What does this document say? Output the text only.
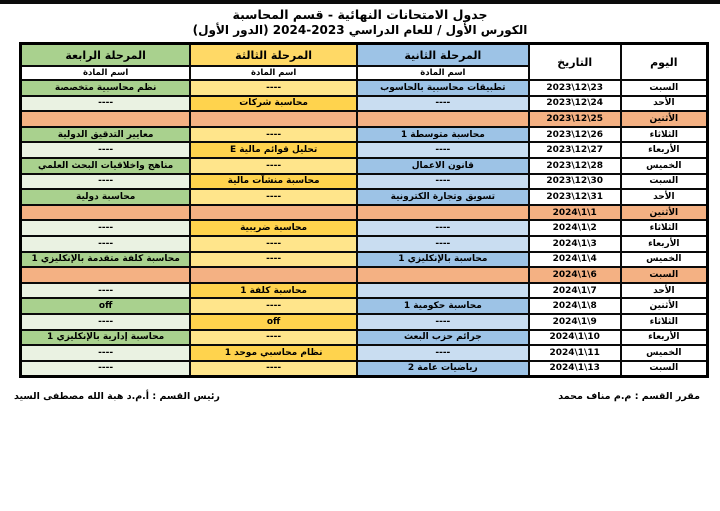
جدول الامتحانات النهائية - قسم المحاسبة
الكورس الأول / للعام الدراسي 2023-2024 (الدور الأول)
اليوم	التاريخ	المرحلة الثانية	المرحلة الثالثة	المرحلة الرابعة
		اسم المادة	اسم المادة	اسم المادة
السبت	2023\12\23	تطبيقات محاسبية بالحاسوب	----	نظم محاسبية متخصصة
الأحد	2023\12\24	----	محاسبة شركات	----
الأثنين	2023\12\25			
الثلاثاء	2023\12\26	محاسبة متوسطة 1	----	معايير التدقيق الدولية
الأربعاء	2023\12\27	----	تحليل قوائم مالية E	----
الخميس	2023\12\28	قانون الاعمال	----	مناهج واخلاقيات البحث العلمي
السبت	2023\12\30	----	محاسبة منشآت مالية	----
الأحد	2023\12\31	تسويق وتجارة الكترونية	----	محاسبة دولية
الأثنين	2024\1\1			
الثلاثاء	2024\1\2	----	محاسبة ضريبية	----
الأربعاء	2024\1\3	----	----	----
الخميس	2024\1\4	محاسبة بالإنكليزي 1	----	محاسبة كلفة متقدمة بالإنكليزي 1
السبت	2024\1\6			
الأحد	2024\1\7		محاسبة كلفة 1	----
الأثنين	2024\1\8	محاسبة حكومية 1	----	off
الثلاثاء	2024\1\9	----	off	----
الأربعاء	2024\1\10	جرائم حزب البعث	----	محاسبة إدارية بالإنكليزي 1
الخميس	2024\1\11	----	نظام محاسبي موحد 1	----
السبت	2024\1\13	رياضيات عامة 2	----	----
مقرر القسم : م.م مناف محمد
رئيس القسم : أ.م.د هبة الله مصطفى السيد
